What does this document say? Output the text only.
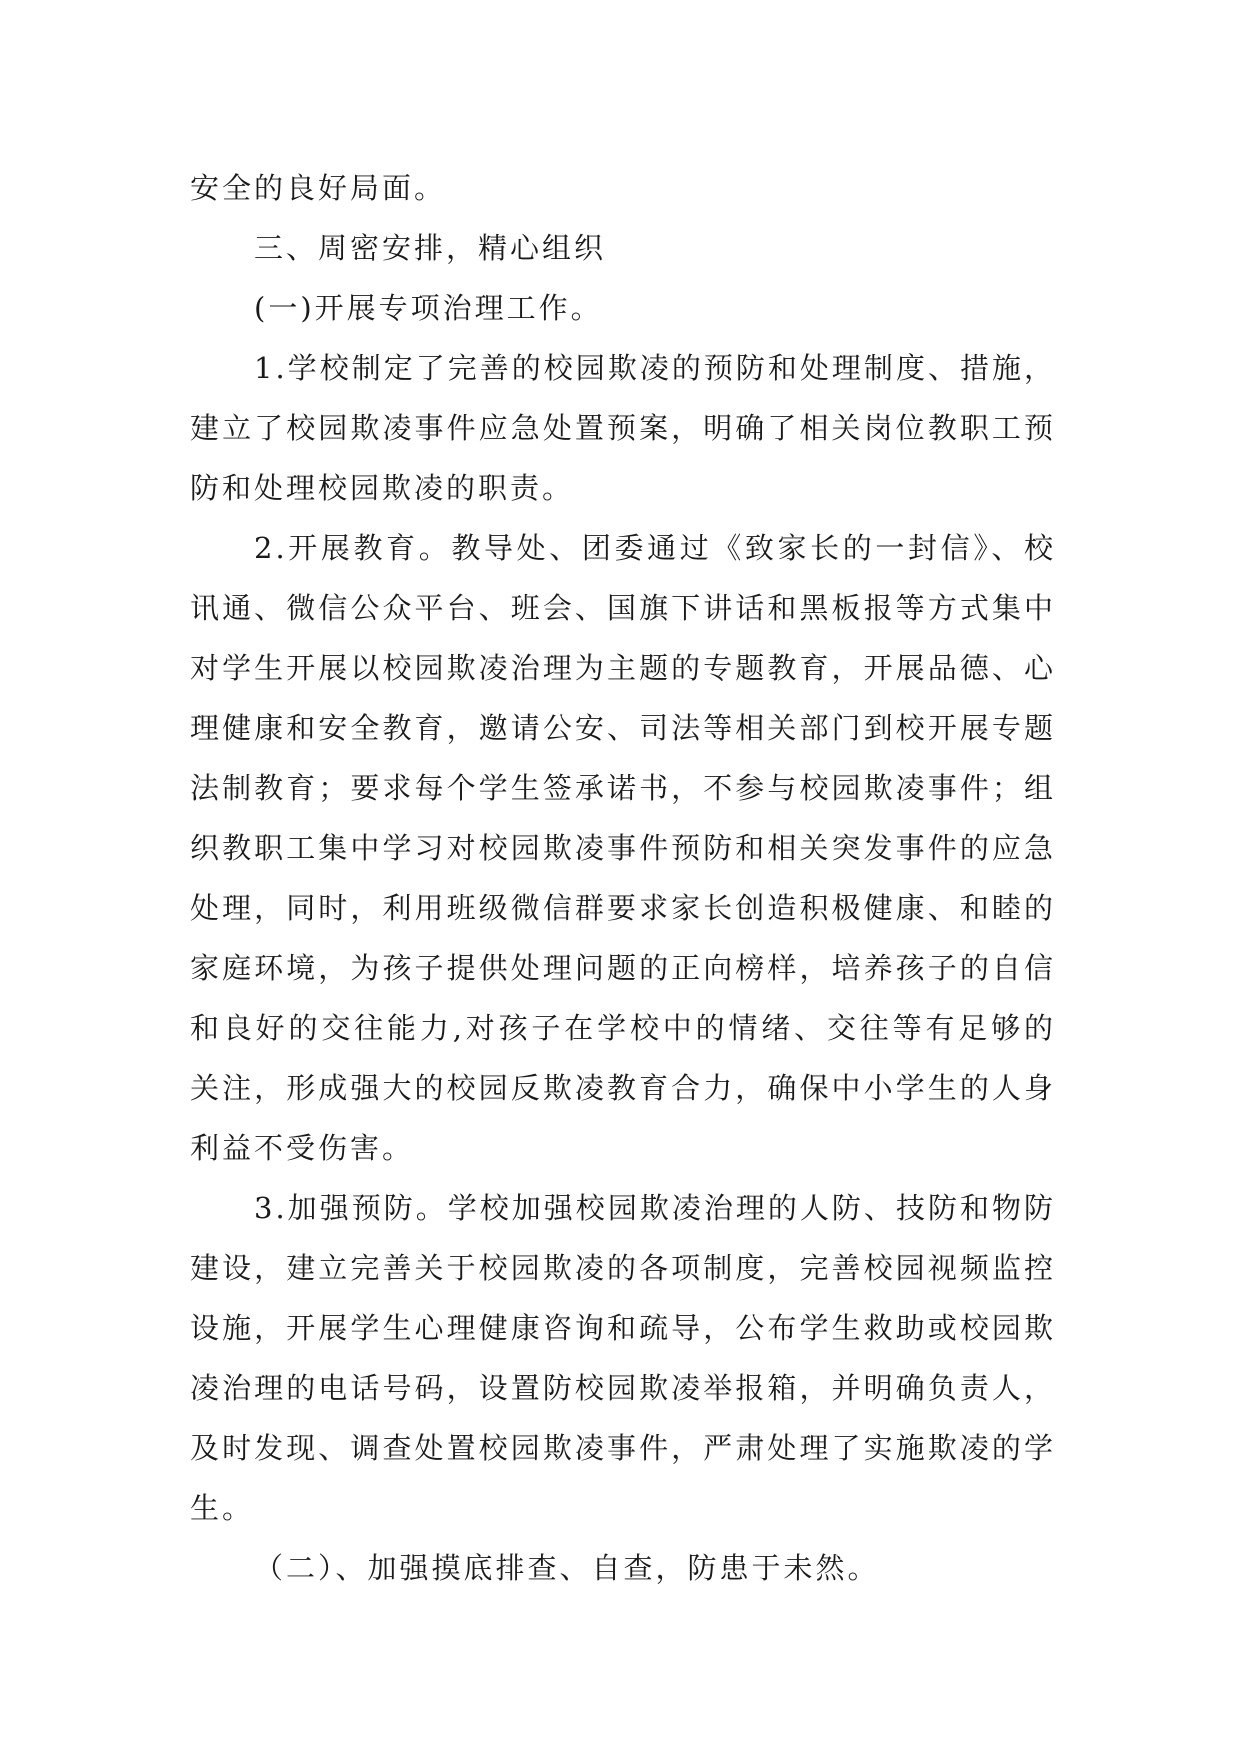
安全的良好局面。

三、周密安排，精心组织

(一)开展专项治理工作。

1.学校制定了完善的校园欺凌的预防和处理制度、措施，建立了校园欺凌事件应急处置预案，明确了相关岗位教职工预防和处理校园欺凌的职责。

2.开展教育。教导处、团委通过《致家长的一封信》、校讯通、微信公众平台、班会、国旗下讲话和黑板报等方式集中对学生开展以校园欺凌治理为主题的专题教育，开展品德、心理健康和安全教育，邀请公安、司法等相关部门到校开展专题法制教育；要求每个学生签承诺书，不参与校园欺凌事件；组织教职工集中学习对校园欺凌事件预防和相关突发事件的应急处理，同时，利用班级微信群要求家长创造积极健康、和睦的家庭环境，为孩子提供处理问题的正向榜样，培养孩子的自信和良好的交往能力,对孩子在学校中的情绪、交往等有足够的关注，形成强大的校园反欺凌教育合力，确保中小学生的人身利益不受伤害。

3.加强预防。学校加强校园欺凌治理的人防、技防和物防建设，建立完善关于校园欺凌的各项制度，完善校园视频监控设施，开展学生心理健康咨询和疏导，公布学生救助或校园欺凌治理的电话号码，设置防校园欺凌举报箱，并明确负责人，及时发现、调查处置校园欺凌事件，严肃处理了实施欺凌的学生。

（二）、加强摸底排查、自查，防患于未然。
